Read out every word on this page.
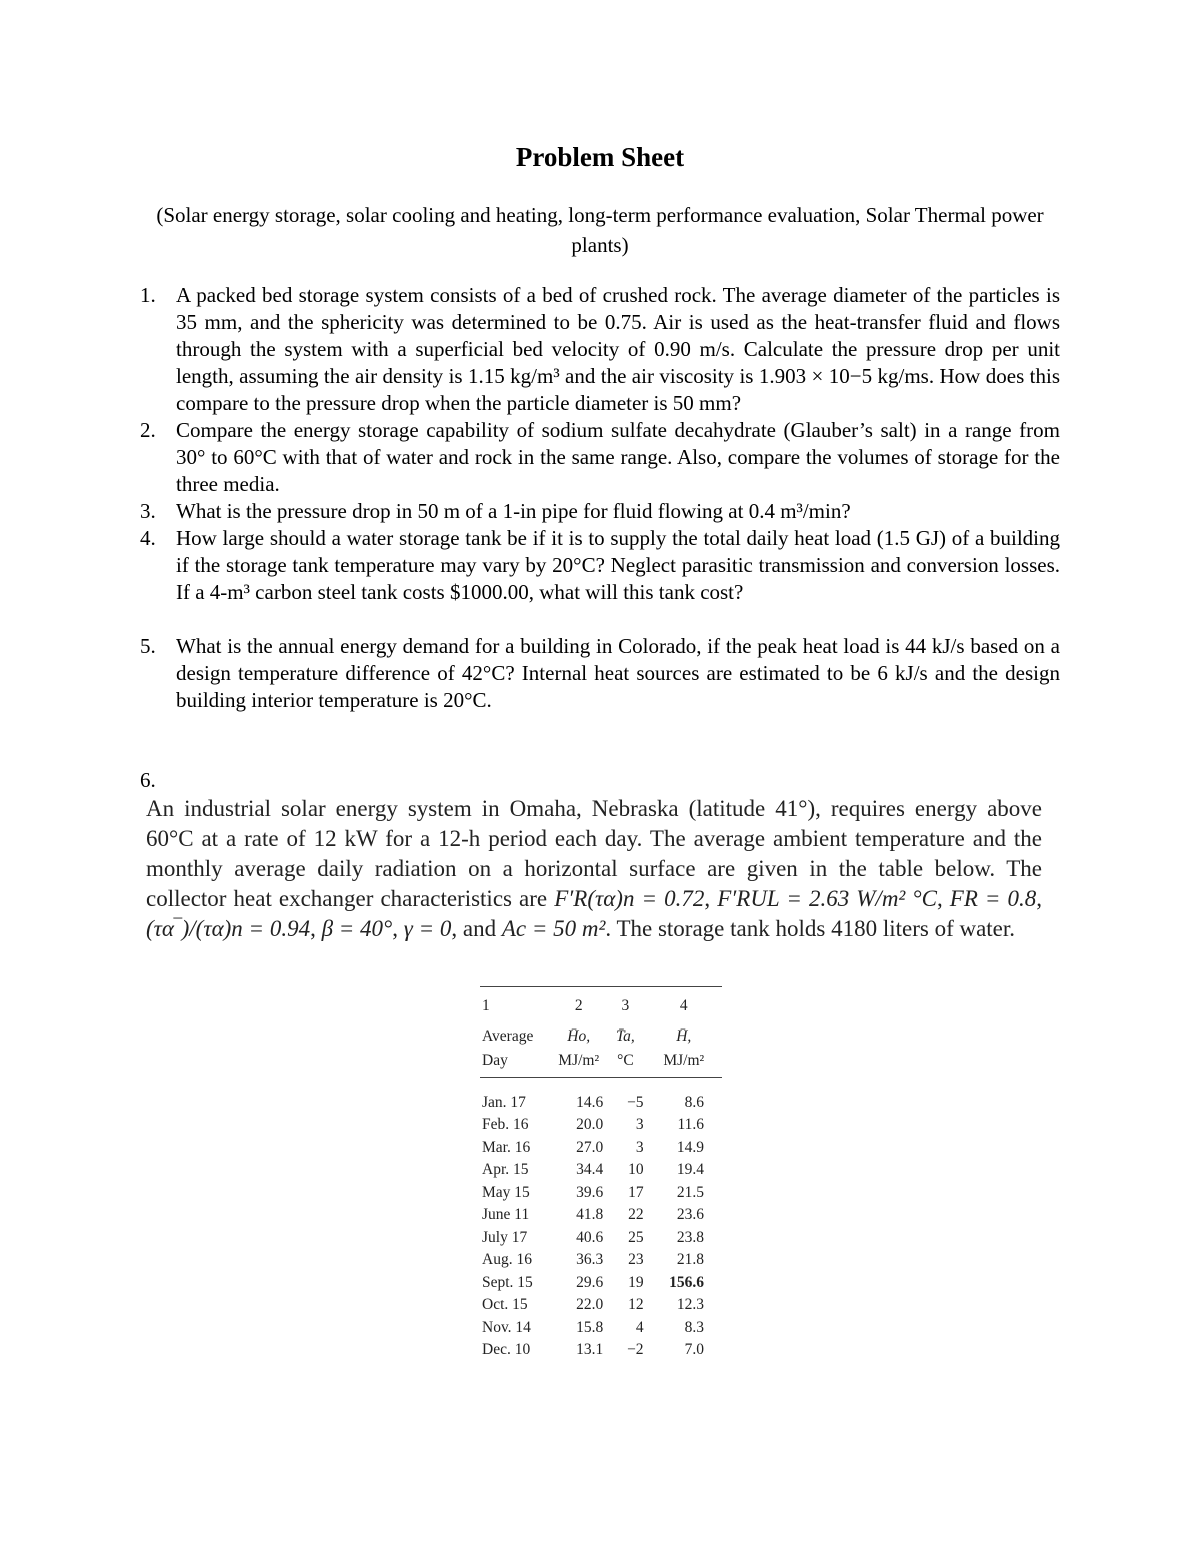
Problem Sheet

(Solar energy storage, solar cooling and heating, long-term performance evaluation, Solar Thermal power plants)

1. A packed bed storage system consists of a bed of crushed rock. The average diameter of the particles is 35 mm, and the sphericity was determined to be 0.75. Air is used as the heat-transfer fluid and flows through the system with a superficial bed velocity of 0.90 m/s. Calculate the pressure drop per unit length, assuming the air density is 1.15 kg/m³ and the air viscosity is 1.903 × 10−5 kg/ms. How does this compare to the pressure drop when the particle diameter is 50 mm?
2. Compare the energy storage capability of sodium sulfate decahydrate (Glauber’s salt) in a range from 30° to 60°C with that of water and rock in the same range. Also, compare the volumes of storage for the three media.
3. What is the pressure drop in 50 m of a 1-in pipe for fluid flowing at 0.4 m³/min?
4. How large should a water storage tank be if it is to supply the total daily heat load (1.5 GJ) of a building if the storage tank temperature may vary by 20°C? Neglect parasitic transmission and conversion losses. If a 4-m³ carbon steel tank costs $1000.00, what will this tank cost?
5. What is the annual energy demand for a building in Colorado, if the peak heat load is 44 kJ/s based on a design temperature difference of 42°C? Internal heat sources are estimated to be 6 kJ/s and the design building interior temperature is 20°C.

6.

An industrial solar energy system in Omaha, Nebraska (latitude 41°), requires energy above 60°C at a rate of 12 kW for a 12-h period each day. The average ambient temperature and the monthly average daily radiation on a horizontal surface are given in the table below. The collector heat exchanger characteristics are F′R(τα)n = 0.72, F′RUL = 2.63 W/m² °C, FR = 0.8, (τα‾)/(τα)n = 0.94, β = 40°, γ = 0, and Ac = 50 m². The storage tank holds 4180 liters of water.

1	2	3	4
Average	H̄o,	T̄a,	H̄,
Day	MJ/m²	°C	MJ/m²
Jan. 17	14.6	−5	8.6
Feb. 16	20.0	3	11.6
Mar. 16	27.0	3	14.9
Apr. 15	34.4	10	19.4
May 15	39.6	17	21.5
June 11	41.8	22	23.6
July 17	40.6	25	23.8
Aug. 16	36.3	23	21.8
Sept. 15	29.6	19	156.6
Oct. 15	22.0	12	12.3
Nov. 14	15.8	4	8.3
Dec. 10	13.1	−2	7.0
